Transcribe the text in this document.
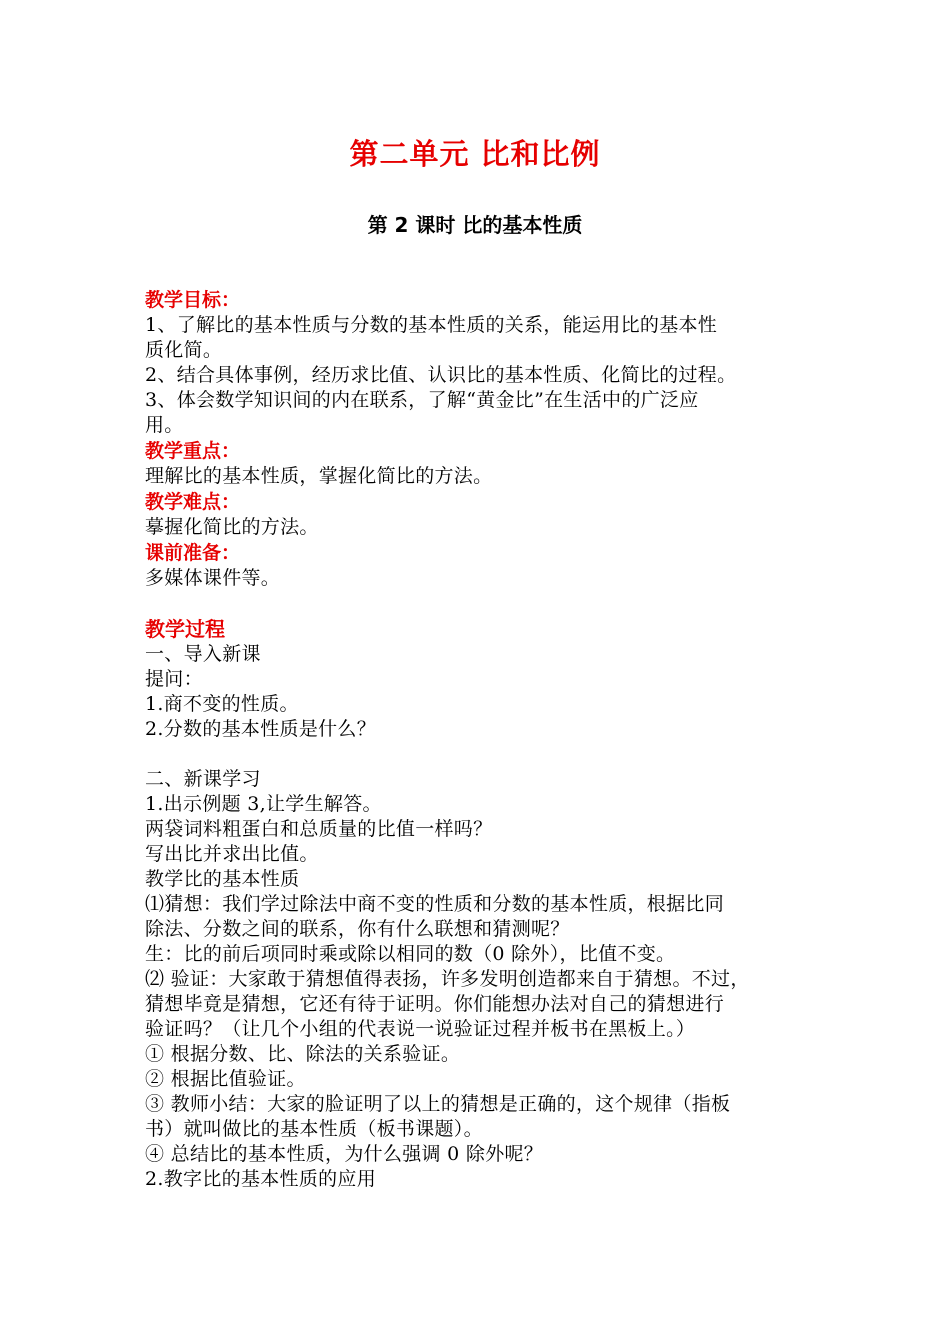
第二单元 比和比例
第 2 课时 比的基本性质
教学目标：
1、了解比的基本性质与分数的基本性质的关系，能运用比的基本性
质化简。
2、结合具体事例，经历求比值、认识比的基本性质、化简比的过程。
3、体会数学知识间的内在联系，了解“黄金比”在生活中的广泛应
用。
教学重点：
理解比的基本性质，掌握化简比的方法。
教学难点：
摹握化简比的方法。
课前准备：
多媒体课件等。
教学过程
一、导入新课
提问：
1.商不变的性质。
2.分数的基本性质是什么？
二、新课学习
1.出示例题 3,让学生解答。
两袋词料粗蛋白和总质量的比值一样吗？
写出比并求出比值。
教学比的基本性质
⑴猜想：我们学过除法中商不变的性质和分数的基本性质，根据比同
除法、分数之间的联系，你有什么联想和猜测呢？
生：比的前后项同时乘或除以相同的数（0 除外），比值不变。
⑵ 验证：大家敢于猜想值得表扬，许多发明创造都来自于猜想。不过，
猜想毕竟是猜想，它还有待于证明。你们能想办法对自己的猜想进行
验证吗？（让几个小组的代表说一说验证过程并板书在黑板上。）
① 根据分数、比、除法的关系验证。
② 根据比值验证。
③ 教师小结：大家的脸证明了以上的猜想是正确的，这个规律（指板
书）就叫做比的基本性质（板书课题）。
④ 总结比的基本性质，为什么强调 0 除外呢？
2.教字比的基本性质的应用
